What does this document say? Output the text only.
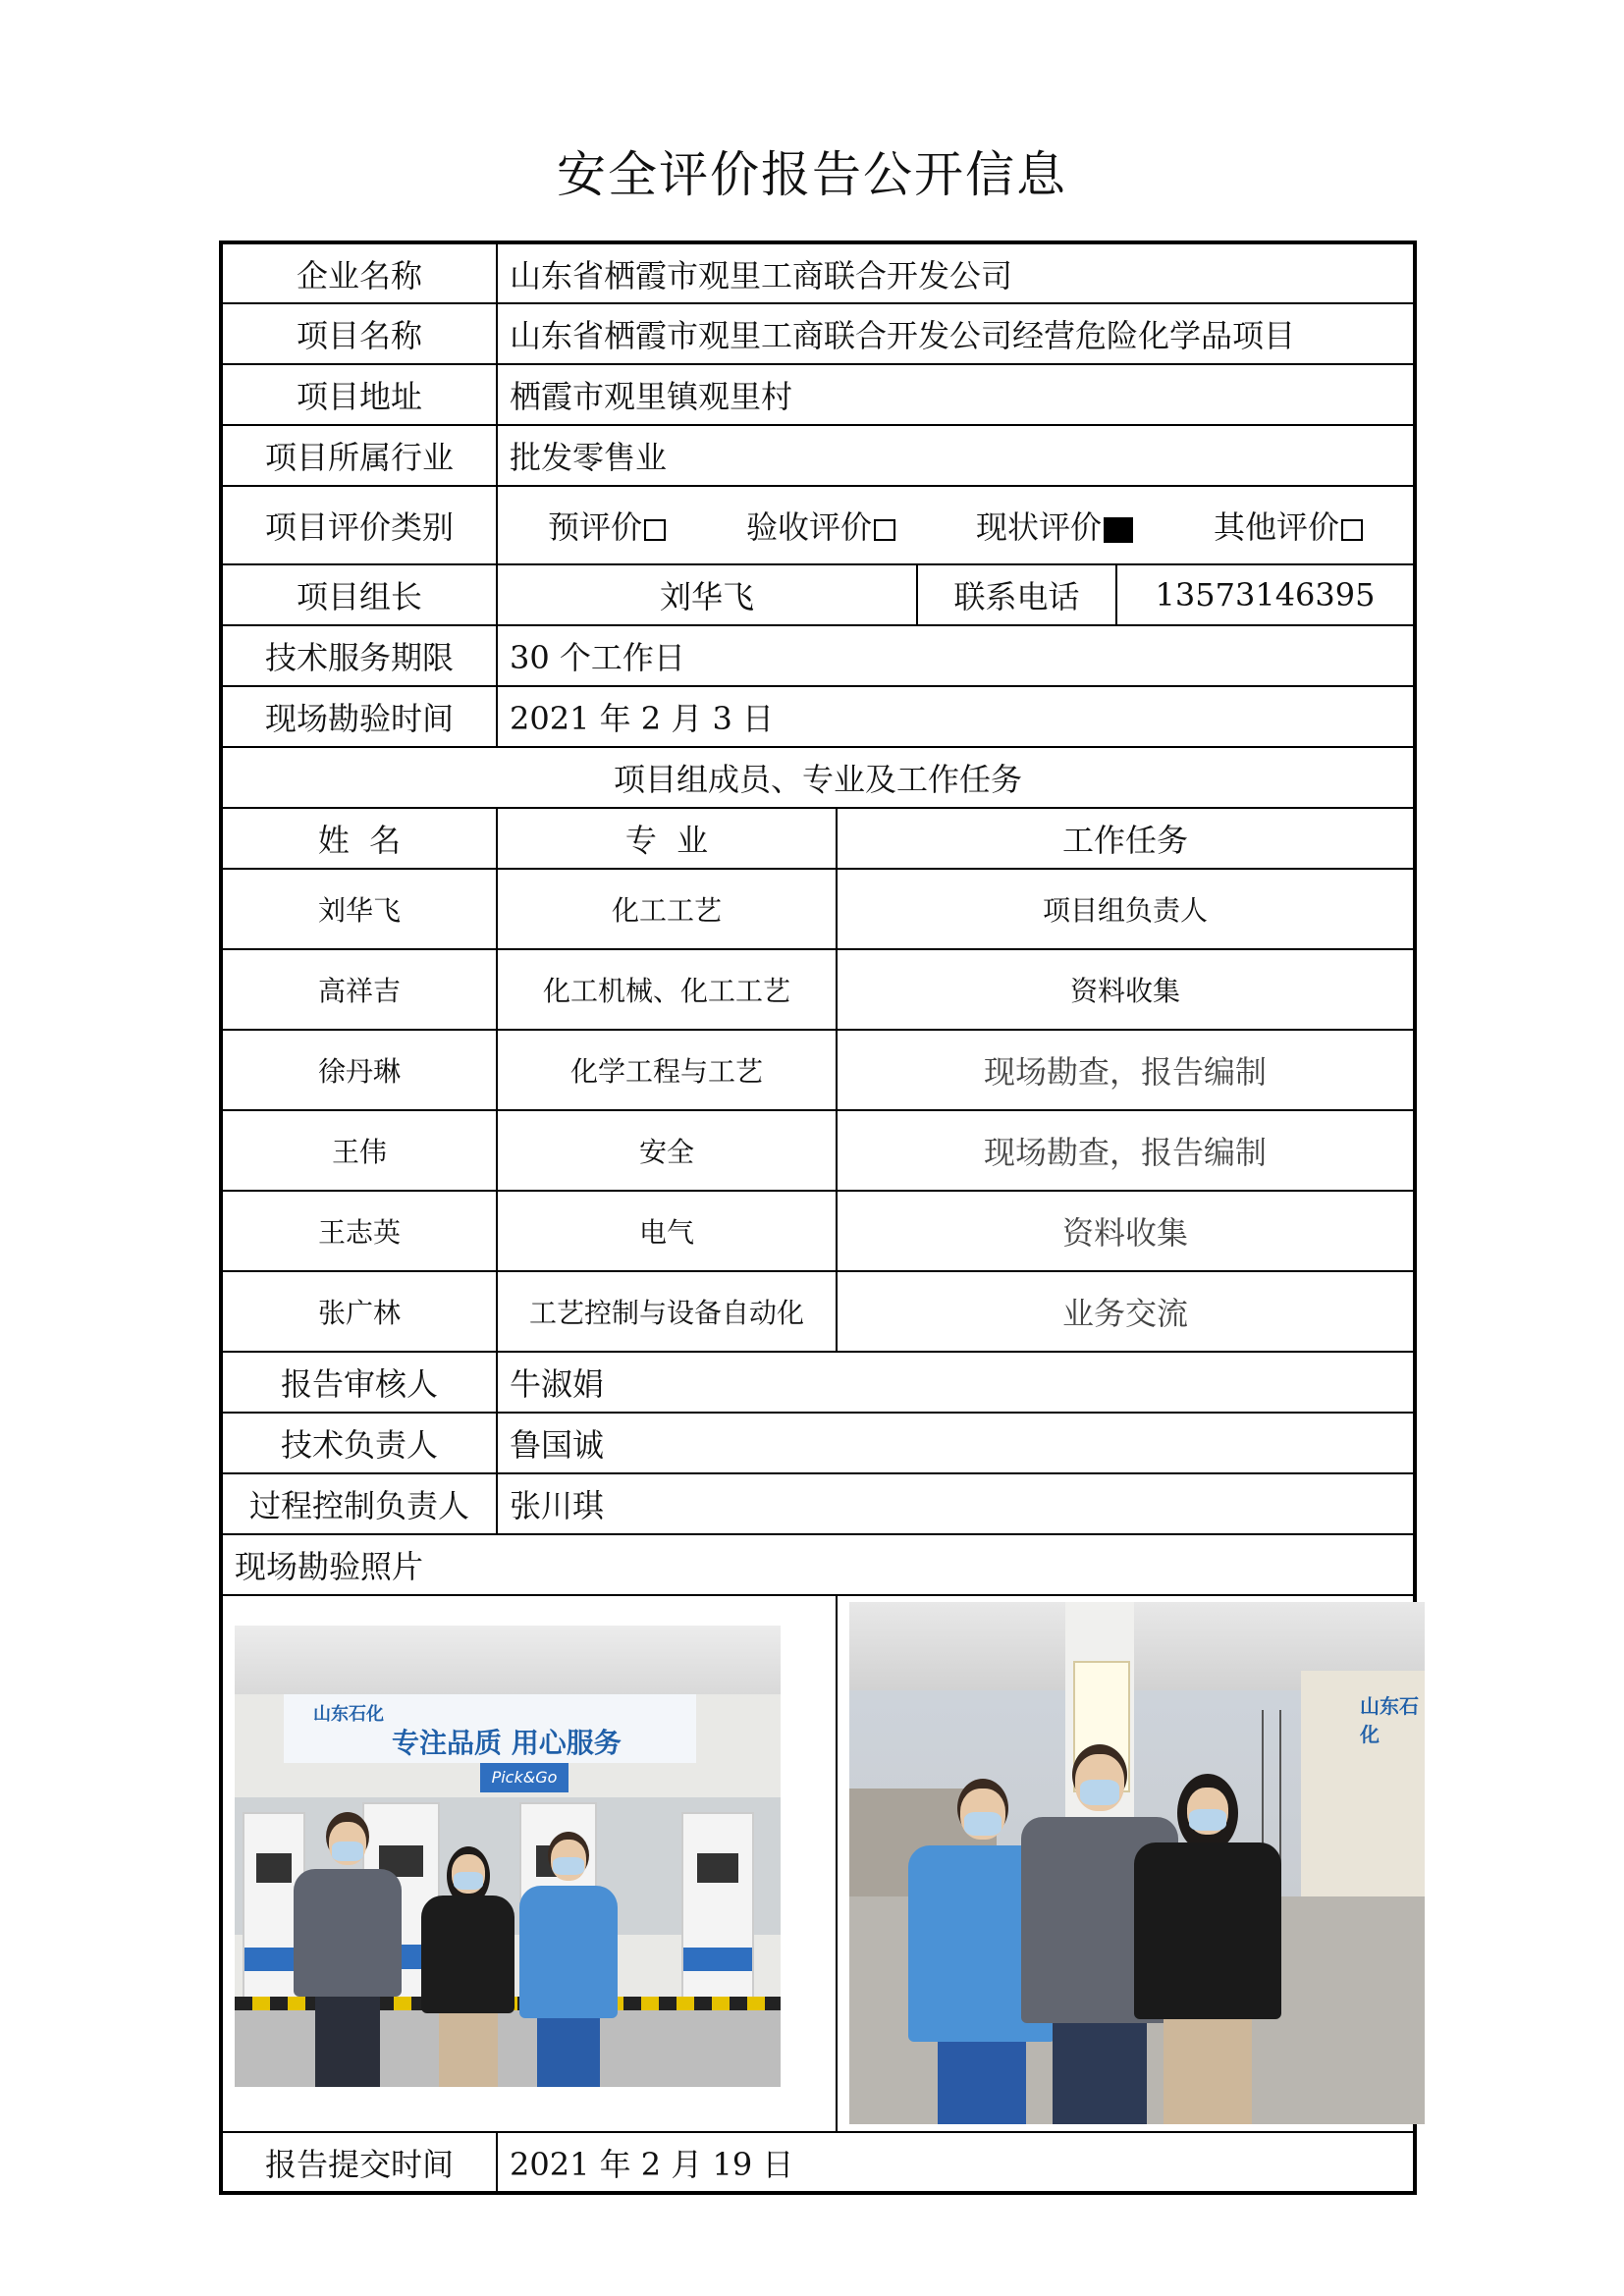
安全评价报告公开信息
企业名称	山东省栖霞市观里工商联合开发公司			
项目名称	山东省栖霞市观里工商联合开发公司经营危险化学品项目			
项目地址	栖霞市观里镇观里村			
项目所属行业	批发零售业			
项目评价类别	预评价 验收评价 现状评价 其他评价			

项目组长	刘华飞		联系电话	13573146395
技术服务期限	30 个工作日			
现场勘验时间	2021 年 2 月 3 日			
项目组成员、专业及工作任务				
姓  名	专  业	工作任务		
刘华飞	化工工艺	项目组负责人		
高祥吉	化工机械、化工工艺	资料收集		
徐丹琳	化学工程与工艺	现场勘查，报告编制		
王伟	安全	现场勘查，报告编制		
王志英	电气	资料收集		
张广林	工艺控制与设备自动化	业务交流		
报告审核人	牛淑娟			
技术负责人	鲁国诚			
过程控制负责人	张川琪			
现场勘验照片				

山东石化
专注品质 用心服务
Pick&Go		山东石化		

报告提交时间	2021 年 2 月 19 日			
